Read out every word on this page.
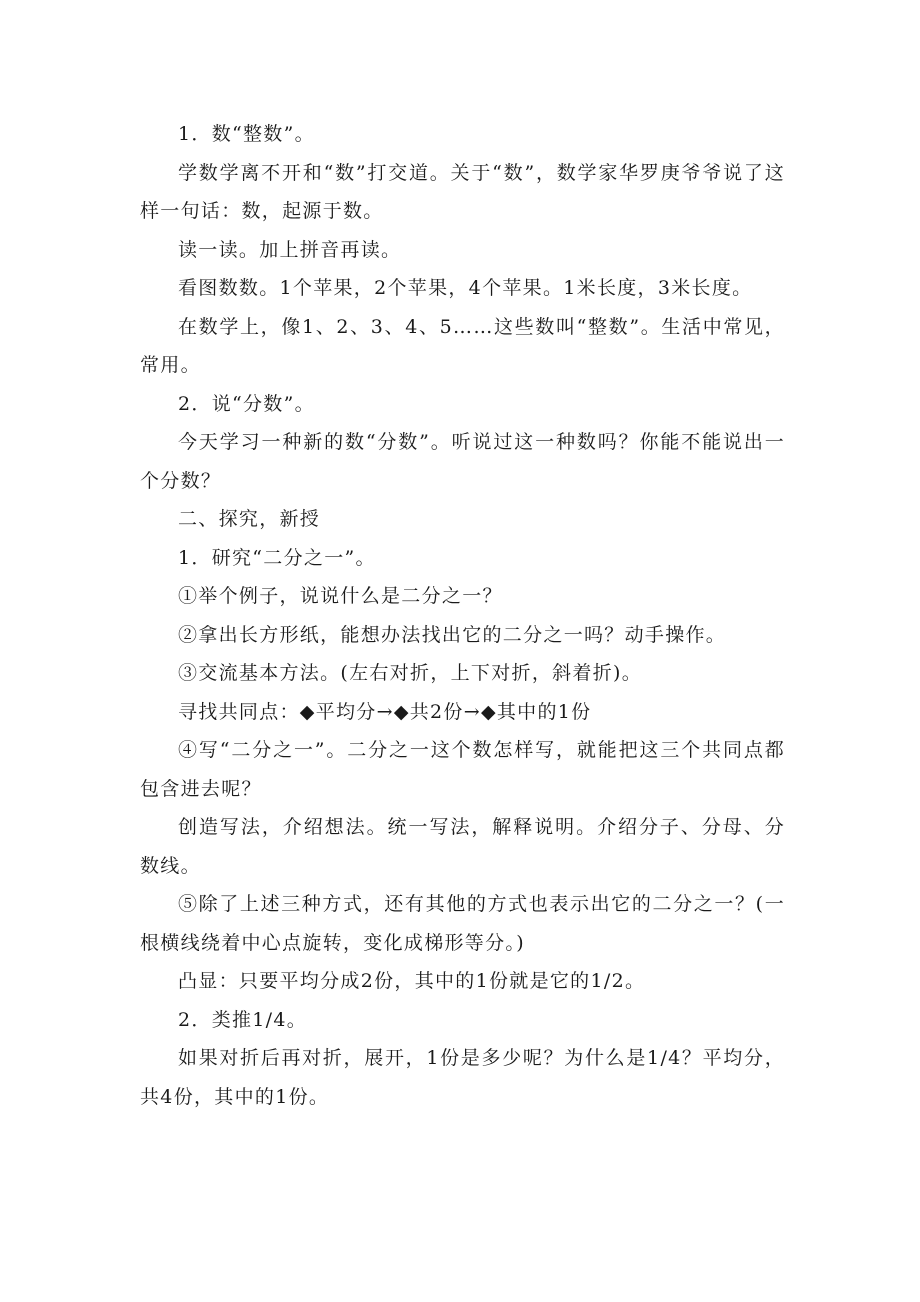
1．数“整数”。

学数学离不开和“数”打交道。关于“数”，数学家华罗庚爷爷说了这样一句话：数，起源于数。

读一读。加上拼音再读。

看图数数。1个苹果，2个苹果，4个苹果。1米长度，3米长度。

在数学上，像1、2、3、4、5……这些数叫“整数”。生活中常见，常用。

2．说“分数”。

今天学习一种新的数“分数”。听说过这一种数吗？你能不能说出一个分数？

二、探究，新授

1．研究“二分之一”。

①举个例子，说说什么是二分之一？

②拿出长方形纸，能想办法找出它的二分之一吗？动手操作。

③交流基本方法。(左右对折，上下对折，斜着折)。

寻找共同点：◆平均分→◆共2份→◆其中的1份

④写“二分之一”。二分之一这个数怎样写，就能把这三个共同点都包含进去呢？

创造写法，介绍想法。统一写法，解释说明。介绍分子、分母、分数线。

⑤除了上述三种方式，还有其他的方式也表示出它的二分之一？(一根横线绕着中心点旋转，变化成梯形等分。)

凸显：只要平均分成2份，其中的1份就是它的1/2。

2．类推1/4。

如果对折后再对折，展开，1份是多少呢？为什么是1/4？平均分，共4份，其中的1份。
